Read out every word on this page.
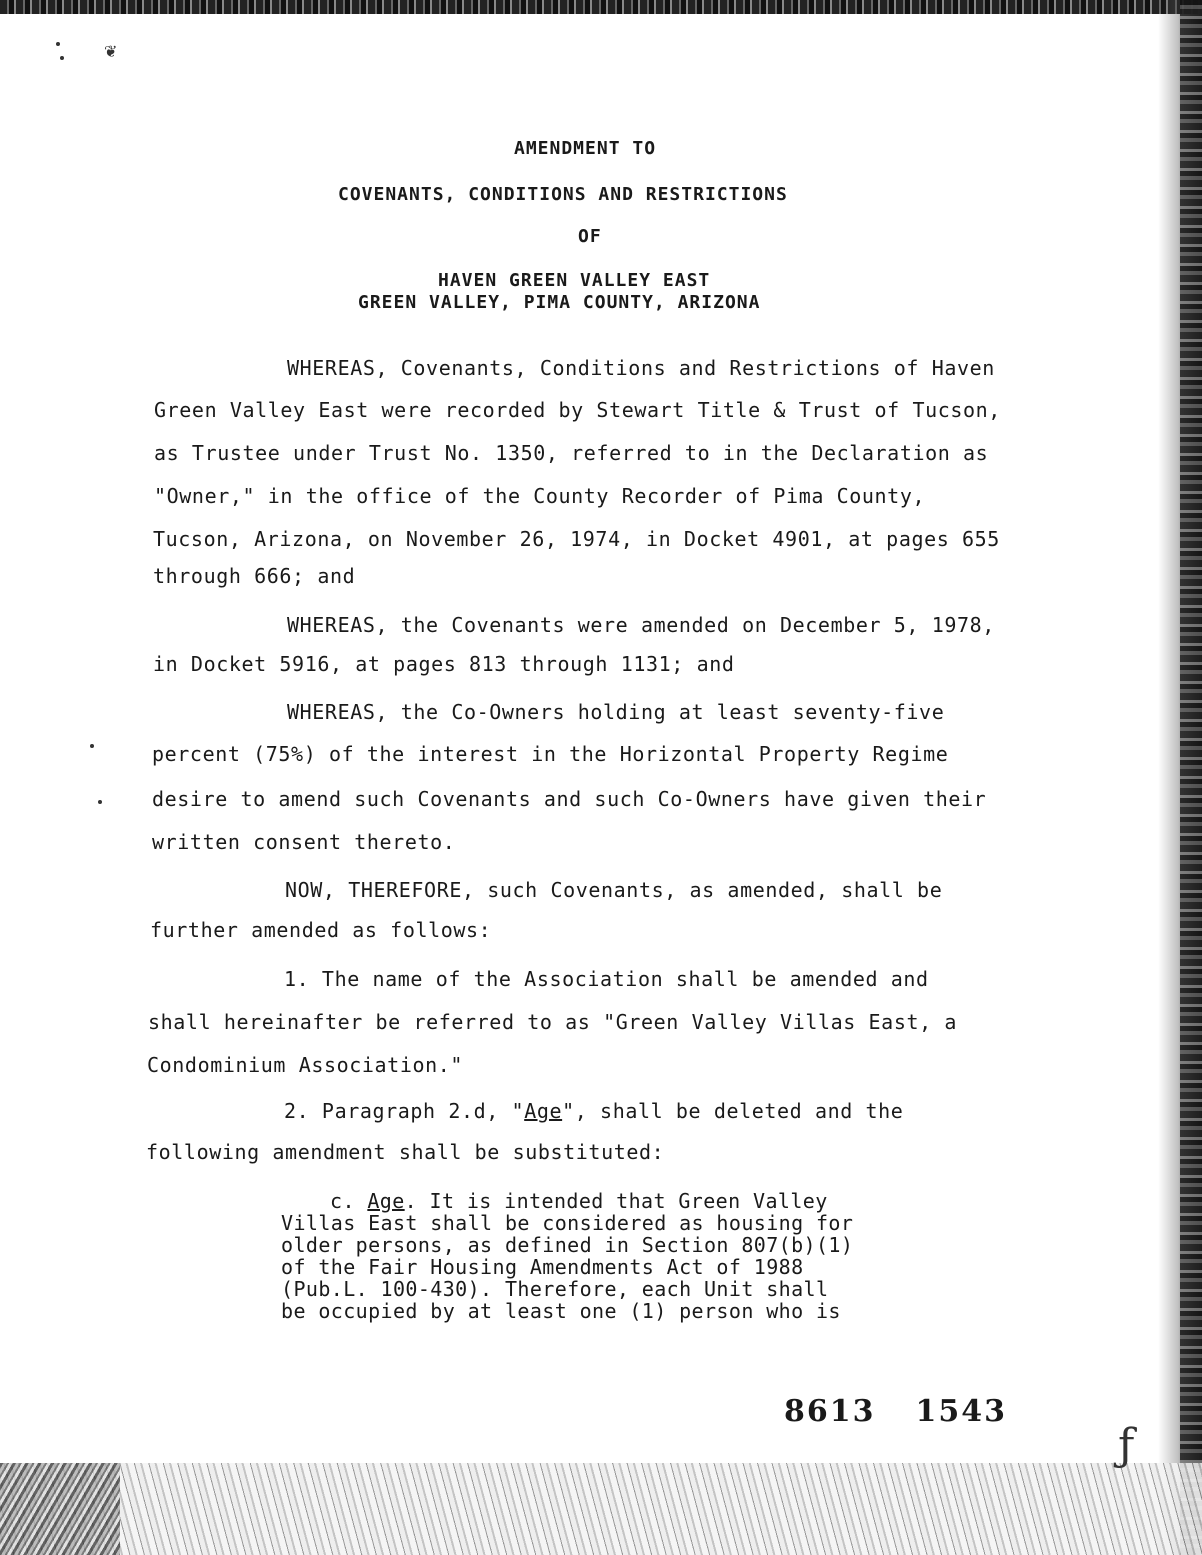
❦
AMENDMENT TO
COVENANTS, CONDITIONS AND RESTRICTIONS
OF
HAVEN GREEN VALLEY EAST
GREEN VALLEY, PIMA COUNTY, ARIZONA
WHEREAS, Covenants, Conditions and Restrictions of Haven
Green Valley East were recorded by Stewart Title & Trust of Tucson,
as Trustee under Trust No. 1350, referred to in the Declaration as
"Owner," in the office of the County Recorder of Pima County,
Tucson, Arizona, on November 26, 1974, in Docket 4901, at pages 655
through 666; and
WHEREAS, the Covenants were amended on December 5, 1978,
in Docket 5916, at pages 813 through 1131; and
WHEREAS, the Co-Owners holding at least seventy-five
percent (75%) of the interest in the Horizontal Property Regime
desire to amend such Covenants and such Co-Owners have given their
written consent thereto.
NOW, THEREFORE, such Covenants, as amended, shall be
further amended as follows:
1. The name of the Association shall be amended and
shall hereinafter be referred to as "Green Valley Villas East, a
Condominium Association."
2. Paragraph 2.d, "Age", shall be deleted and the
following amendment shall be substituted:
c. Age. It is intended that Green Valley
Villas East shall be considered as housing for
older persons, as defined in Section 807(b)(1)
of the Fair Housing Amendments Act of 1988
(Pub.L. 100-430). Therefore, each Unit shall
be occupied by at least one (1) person who is
8613 1543
ƒ
